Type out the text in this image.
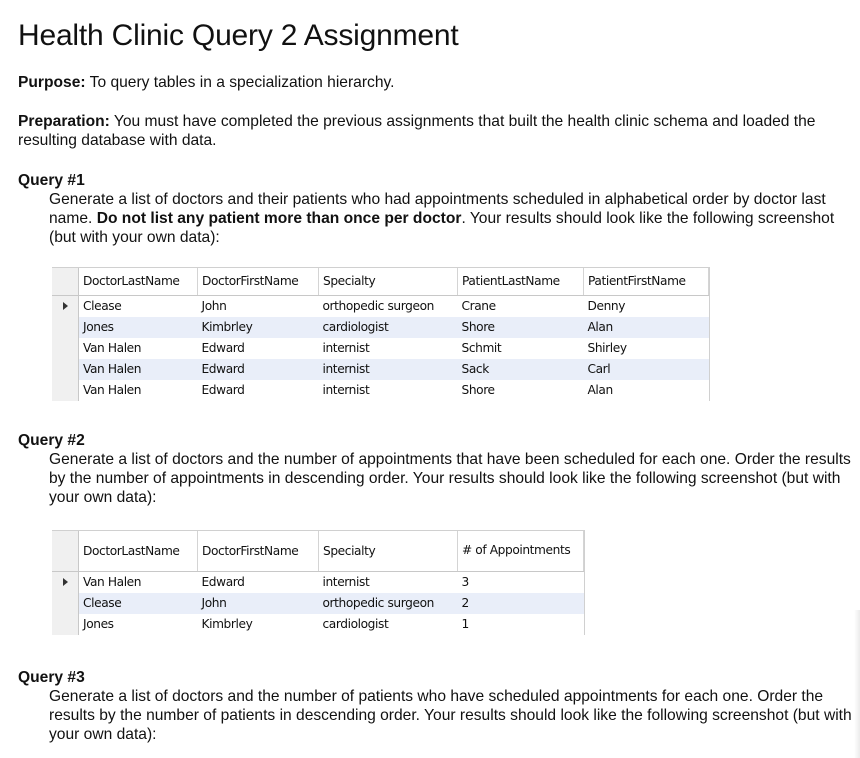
Health Clinic Query 2 Assignment

Purpose: To query tables in a specialization hierarchy.

Preparation: You must have completed the previous assignments that built the health clinic schema and loaded the resulting database with data.

Query #1

Generate a list of doctors and their patients who had appointments scheduled in alphabetical order by doctor last name. Do not list any patient more than once per doctor. Your results should look like the following screenshot (but with your own data):

	DoctorLastName	DoctorFirstName	Specialty	PatientLastName	PatientFirstName
	Clease	John	orthopedic surgeon	Crane	Denny
	Jones	Kimbrley	cardiologist	Shore	Alan
	Van Halen	Edward	internist	Schmit	Shirley
	Van Halen	Edward	internist	Sack	Carl
	Van Halen	Edward	internist	Shore	Alan

Query #2

Generate a list of doctors and the number of appointments that have been scheduled for each one. Order the results by the number of appointments in descending order. Your results should look like the following screenshot (but with your own data):

	DoctorLastName	DoctorFirstName	Specialty	# of Appointments
	Van Halen	Edward	internist	3
	Clease	John	orthopedic surgeon	2
	Jones	Kimbrley	cardiologist	1

Query #3

Generate a list of doctors and the number of patients who have scheduled appointments for each one. Order the results by the number of patients in descending order. Your results should look like the following screenshot (but with your own data):
